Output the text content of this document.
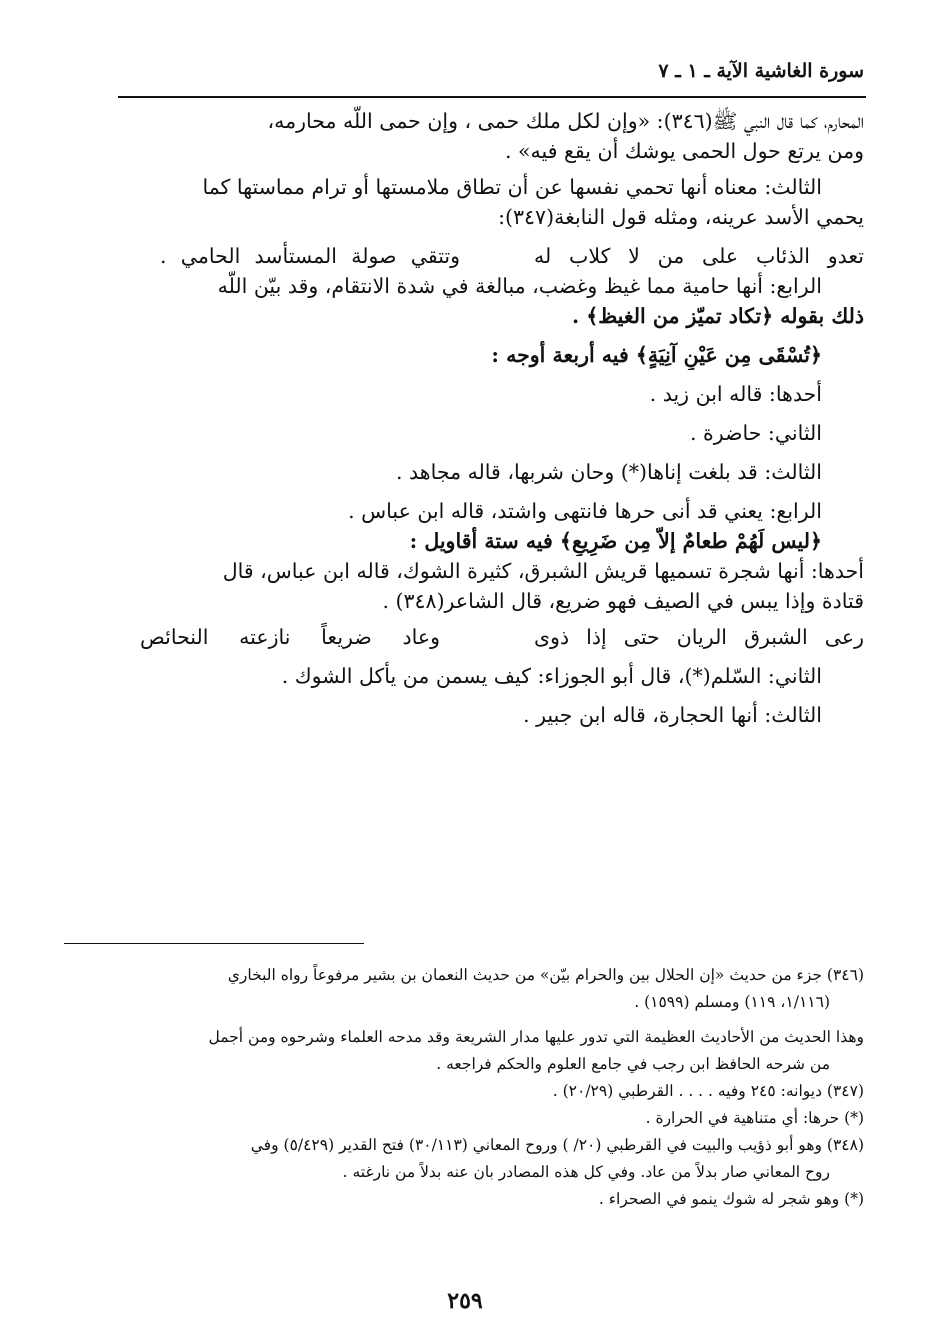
سورة الغاشية الآية ـ ١ ـ ٧
المحارم، كما قال النبي ﷺ(٣٤٦): «وإن لكل ملك حمى ، وإن حمى اللّه محارمه،
ومن يرتع حول الحمى يوشك أن يقع فيه» .
الثالث: معناه أنها تحمي نفسها عن أن تطاق ملامستها أو ترام مماستها كما
يحمي الأسد عرينه، ومثله قول النابغة(٣٤٧):
تعدو الذئاب على من لا كلاب له
وتتقي صولة المستأسد الحامي .
الرابع: أنها حامية مما غيظ وغضب، مبالغة في شدة الانتقام، وقد بيّن اللّه
ذلك بقوله ﴿تكاد تميّز من الغيظ﴾ .
﴿تُسْقَى مِن عَيْنٍ آنِيَةٍ﴾ فيه أربعة أوجه :
أحدها: قاله ابن زيد .
الثاني: حاضرة .
الثالث: قد بلغت إناها(*) وحان شربها، قاله مجاهد .
الرابع: يعني قد أنى حرها فانتهى واشتد، قاله ابن عباس .
﴿ليس لَهُمْ طعامٌ إلاّ مِن ضَرِيعٍ﴾ فيه ستة أقاويل :
أحدها: أنها شجرة تسميها قريش الشبرق، كثيرة الشوك، قاله ابن عباس، قال
قتادة وإذا يبس في الصيف فهو ضريع، قال الشاعر(٣٤٨) .
رعى الشبرق الريان حتى إذا ذوى
وعاد ضريعاً نازعته النحائص
الثاني: السّلم(*)، قال أبو الجوزاء: كيف يسمن من يأكل الشوك .
الثالث: أنها الحجارة، قاله ابن جبير .
(٣٤٦) جزء من حديث «إن الحلال بين والحرام بيّن» من حديث النعمان بن بشير مرفوعاً رواه البخاري
(١/١١٦، ١١٩) ومسلم (١٥٩٩) .
وهذا الحديث من الأحاديث العظيمة التي تدور عليها مدار الشريعة وقد مدحه العلماء وشرحوه ومن أجمل
من شرحه الحافظ ابن رجب في جامع العلوم والحكم فراجعه .
(٣٤٧) ديوانه: ٢٤٥ وفيه . . . . القرطبي (٢٠/٢٩) .
(*) حرها: أي متناهية في الحرارة .
(٣٤٨) وهو أبو ذؤيب والبيت في القرطبي (٢٠/ ) وروح المعاني (٣٠/١١٣) فتح القدير (٥/٤٢٩) وفي
روح المعاني صار بدلاً من عاد. وفي كل هذه المصادر بان عنه بدلاً من نارغته .
(*) وهو شجر له شوك ينمو في الصحراء .
٢٥٩
